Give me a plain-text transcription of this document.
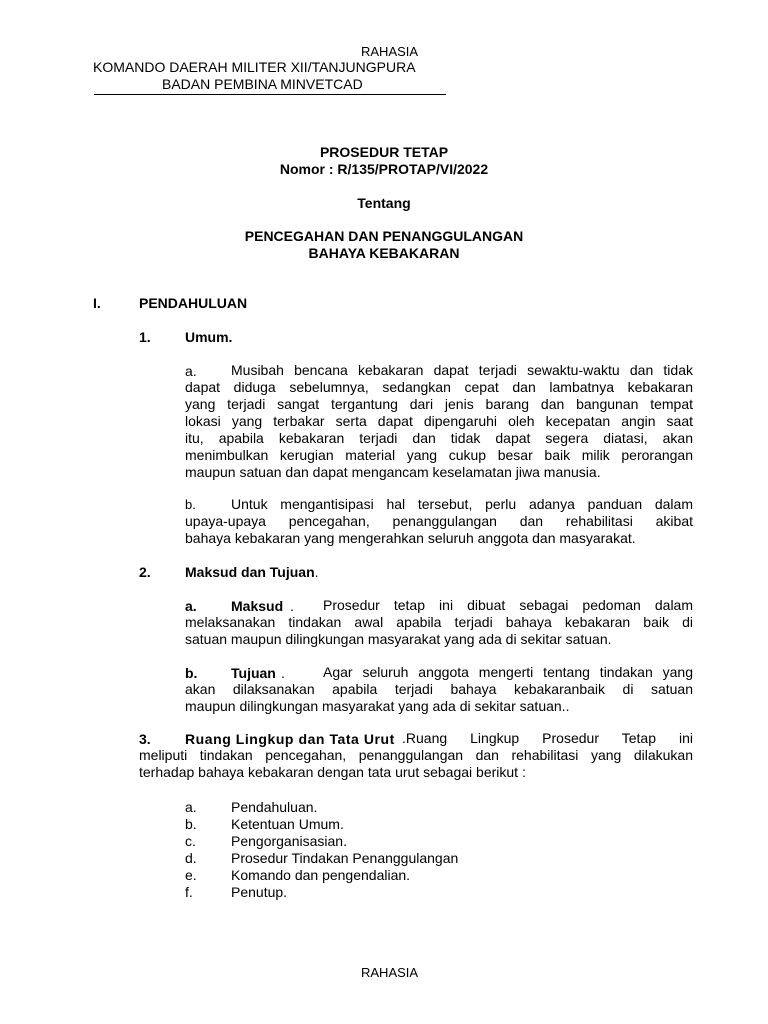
RAHASIA
KOMANDO DAERAH MILITER XII/TANJUNGPURA
BADAN PEMBINA MINVETCAD
PROSEDUR TETAP
Nomor : R/135/PROTAP/VI/2022
Tentang
PENCEGAHAN DAN PENANGGULANGAN
BAHAYA KEBAKARAN
I.	PENDAHULUAN
1. Umum.
a.	Musibah bencana kebakaran dapat terjadi sewaktu-waktu dan tidak
dapat diduga sebelumnya, sedangkan cepat dan lambatnya kebakaran
yang terjadi sangat tergantung dari jenis barang dan bangunan tempat
lokasi yang terbakar serta dapat dipengaruhi oleh kecepatan angin saat
itu, apabila kebakaran terjadi dan tidak dapat segera diatasi, akan
menimbulkan kerugian material yang cukup besar baik milik perorangan
maupun satuan dan dapat mengancam keselamatan jiwa manusia.
b.	Untuk mengantisipasi hal tersebut, perlu adanya panduan dalam
upaya-upaya pencegahan, penanggulangan dan rehabilitasi akibat
bahaya kebakaran yang mengerahkan seluruh anggota dan masyarakat.
2. Maksud dan Tujuan.
a. Maksud .	Prosedur tetap ini dibuat sebagai pedoman dalam
melaksanakan tindakan awal apabila terjadi bahaya kebakaran baik di
satuan maupun dilingkungan masyarakat yang ada di sekitar satuan.
b. Tujuan .	Agar seluruh anggota mengerti tentang tindakan yang
akan dilaksanakan apabila terjadi bahaya kebakaranbaik di satuan
maupun dilingkungan masyarakat yang ada di sekitar satuan..
3. Ruang Lingkup dan Tata Urut .Ruang Lingkup Prosedur Tetap ini
meliputi tindakan pencegahan, penanggulangan dan rehabilitasi yang dilakukan
terhadap bahaya kebakaran dengan tata urut sebagai berikut :
a. Pendahuluan.
b. Ketentuan Umum.
c.	Pengorganisasian.
d. Prosedur Tindakan Penanggulangan
e. Komando dan pengendalian.
f.	Penutup.
RAHASIA
